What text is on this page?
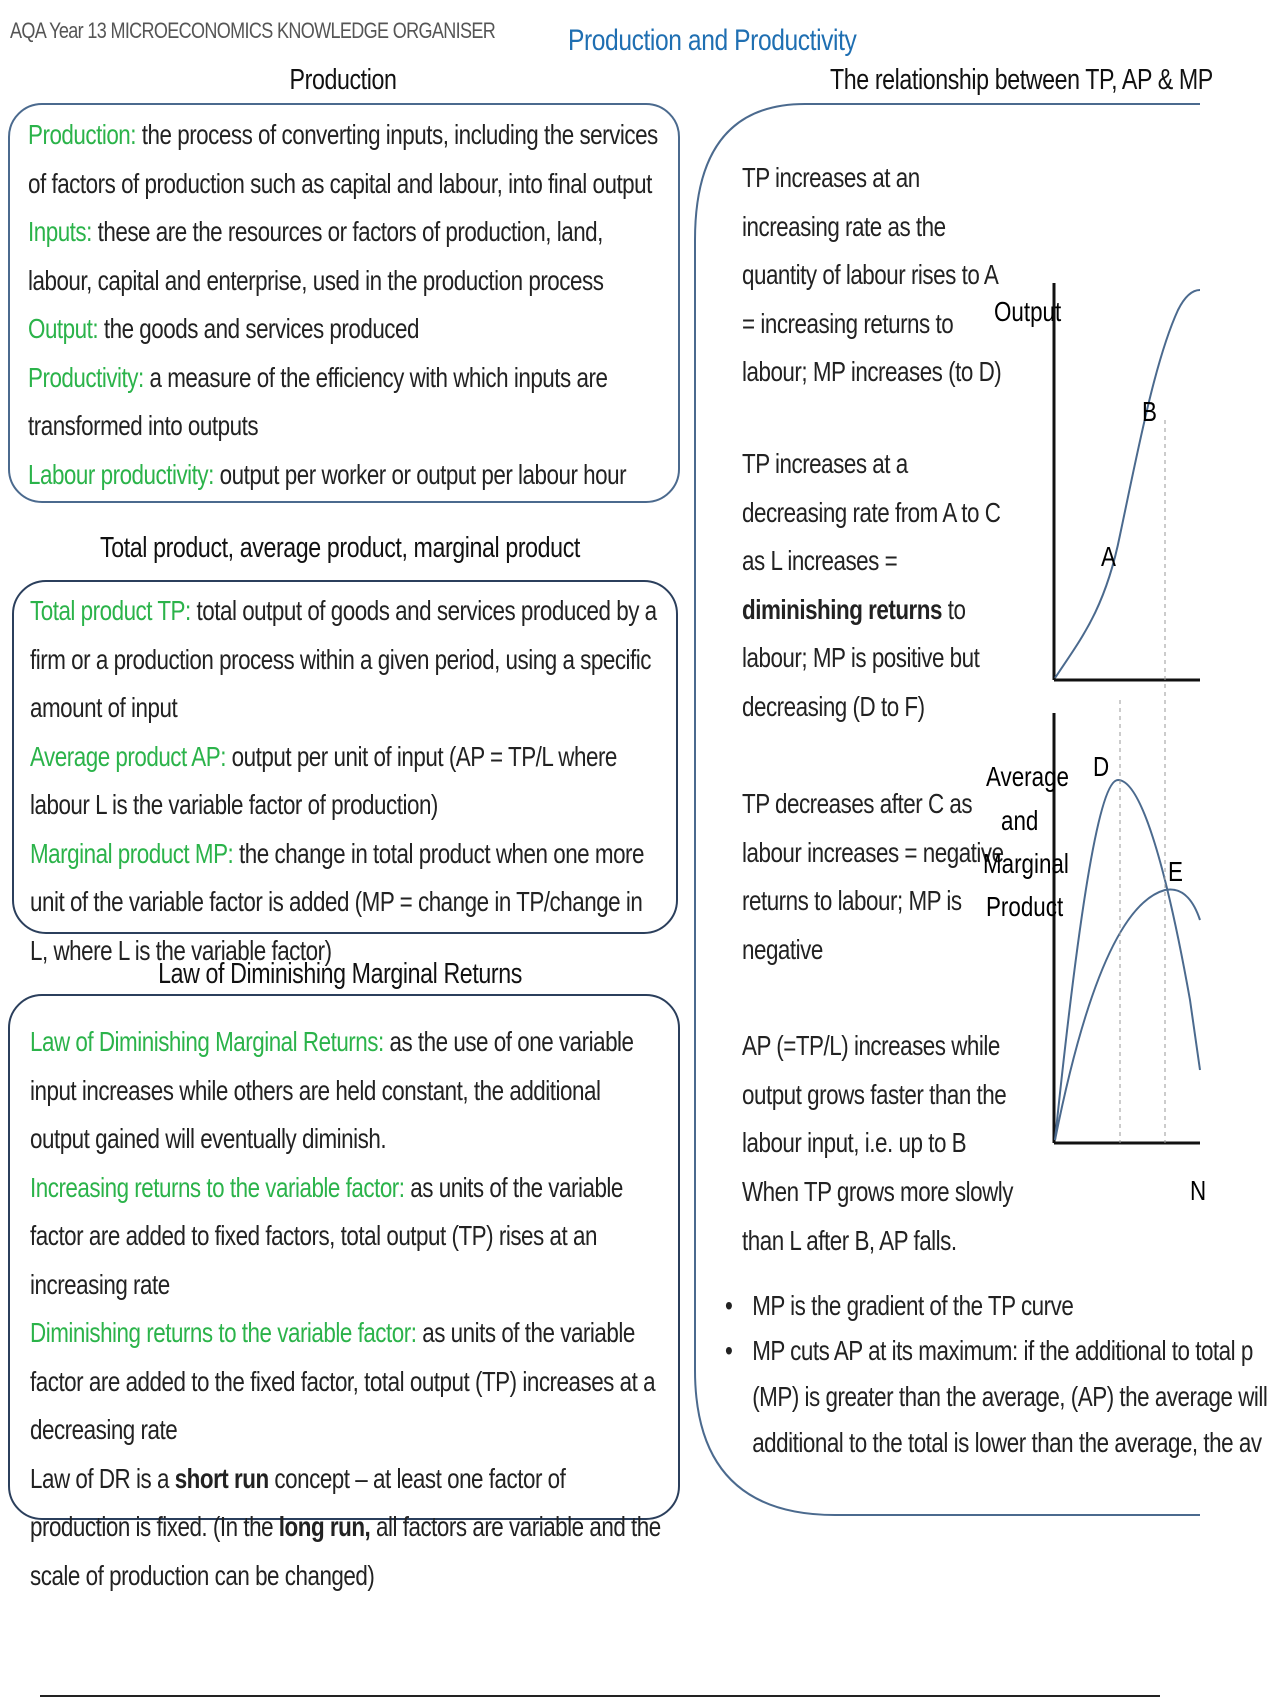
AQA Year 13 MICROECONOMICS KNOWLEDGE ORGANISER Production and Productivity
Production

Production: the process of converting inputs, including the services of factors of production such as capital and labour, into final output

Inputs: these are the resources or factors of production, land, labour, capital and enterprise, used in the production process

Output: the goods and services produced

Productivity: a measure of the efficiency with which inputs are transformed into outputs

Labour productivity: output per worker or output per labour hour

Total product, average product, marginal product

Total product TP: total output of goods and services produced by a firm or a production process within a given period, using a specific amount of input

Average product AP: output per unit of input (AP = TP/L where labour L is the variable factor of production)

Marginal product MP: the change in total product when one more unit of the variable factor is added (MP = change in TP/change in L, where L is the variable factor)

Law of Diminishing Marginal Returns

Law of Diminishing Marginal Returns: as the use of one variable input increases while others are held constant, the additional output gained will eventually diminish.

Increasing returns to the variable factor: as units of the variable factor are added to fixed factors, total output (TP) rises at an increasing rate

Diminishing returns to the variable factor: as units of the variable factor are added to the fixed factor, total output (TP) increases at a decreasing rate

Law of DR is a short run concept – at least one factor of production is fixed. (In the long run, all factors are variable and the scale of production can be changed)

The relationship between TP, AP & MP

TP increases at an increasing rate as the quantity of labour rises to A = increasing returns to labour; MP increases (to D)

TP increases at a decreasing rate from A to C as L increases = diminishing returns to labour; MP is positive but decreasing (D to F)

TP decreases after C as labour increases = negative returns to labour; MP is negative

AP (=TP/L) increases while output grows faster than the labour input, i.e. up to B

When TP grows more slowly than L after B, AP falls.

• MP is the gradient of the TP curve
• MP cuts AP at its maximum: if the additional to total p
(MP) is greater than the average, (AP) the average will
additional to the total is lower than the average, the av
Output
B
A
D
E
Average
and
Marginal
Product
N
